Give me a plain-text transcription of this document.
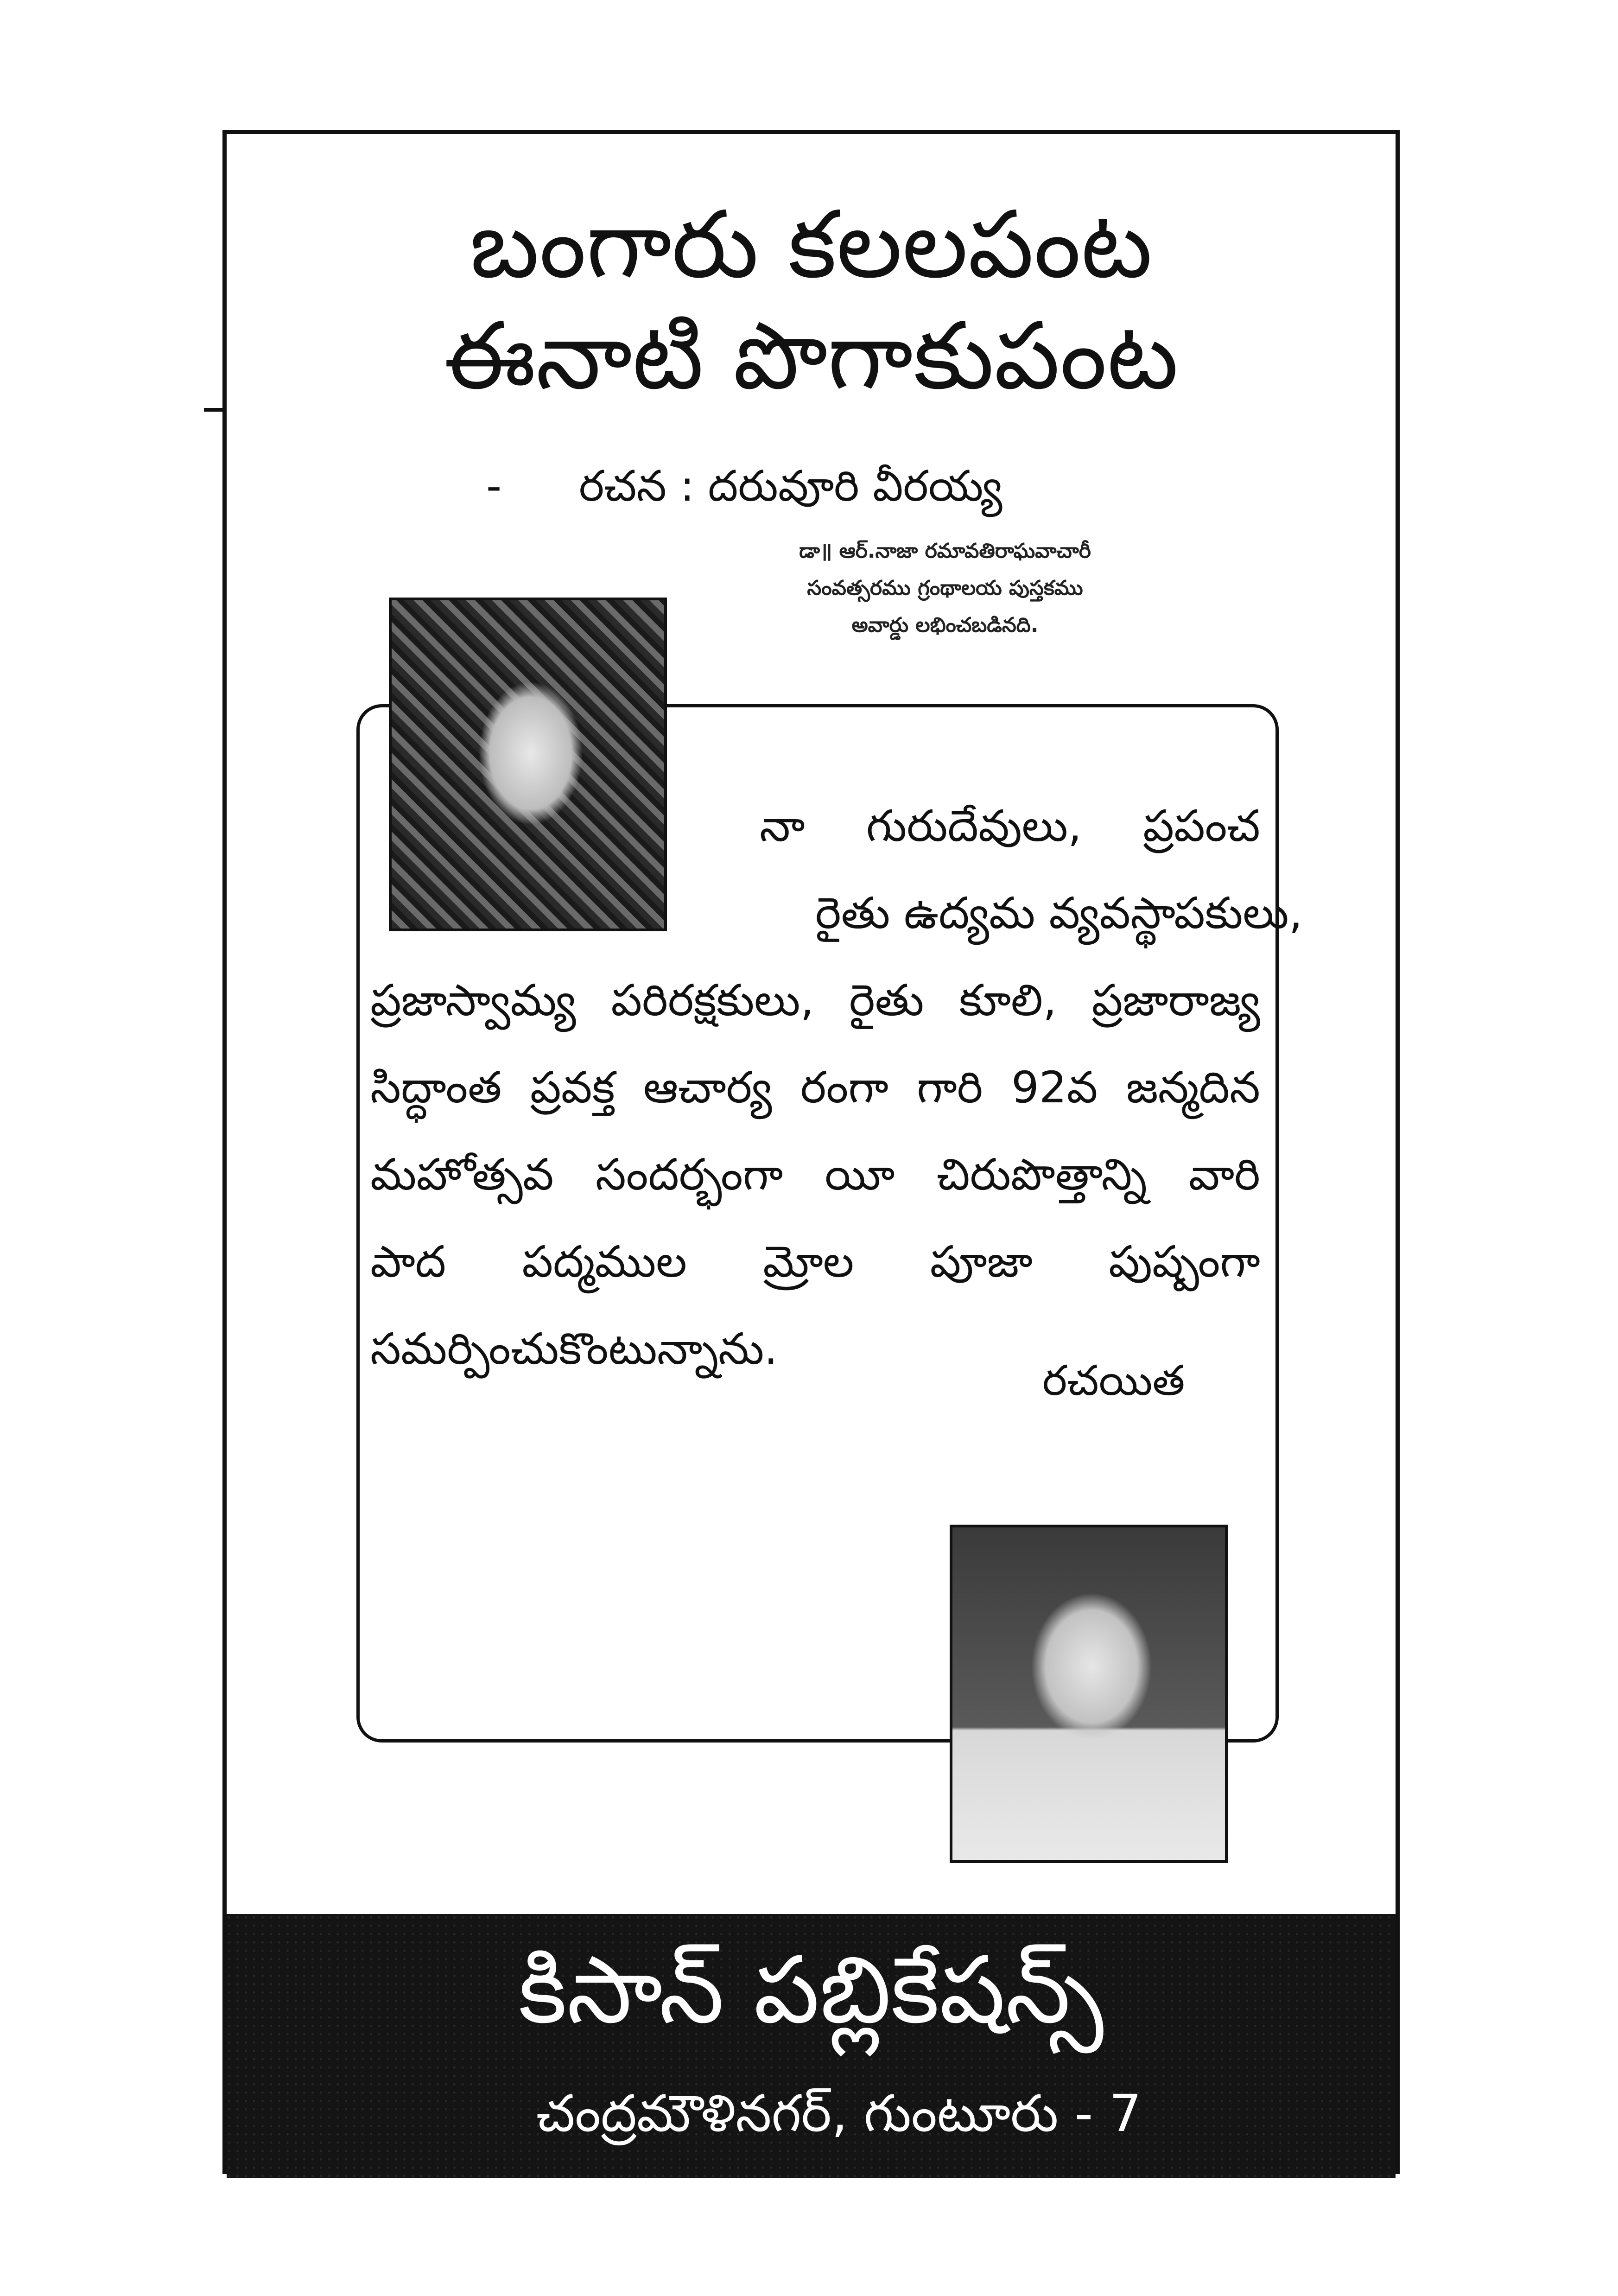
బంగారు కలలపంట
ఈనాటి పొగాకుపంట
- రచన : దరువూరి వీరయ్య
డా॥ ఆర్.నాజా రమావతిరాఘవాచారీ
సంవత్సరము గ్రంథాలయ పుస్తకము
అవార్డు లభించబడినది.
నా గురుదేవులు, ప్రపంచ
రైతు ఉద్యమ వ్యవస్థాపకులు,
ప్రజాస్వామ్య పరిరక్షకులు, రైతు కూలి, ప్రజారాజ్య
సిద్ధాంత ప్రవక్త ఆచార్య రంగా గారి 92వ జన్మదిన
మహోత్సవ సందర్భంగా యీ చిరుపొత్తాన్ని వారి
పాద పద్మముల మ్రోల పూజా పుష్పంగా
సమర్పించుకొంటున్నాను.
రచయిత
కిసాన్ పబ్లికేషన్స్
చంద్రమౌళినగర్, గుంటూరు - 7
